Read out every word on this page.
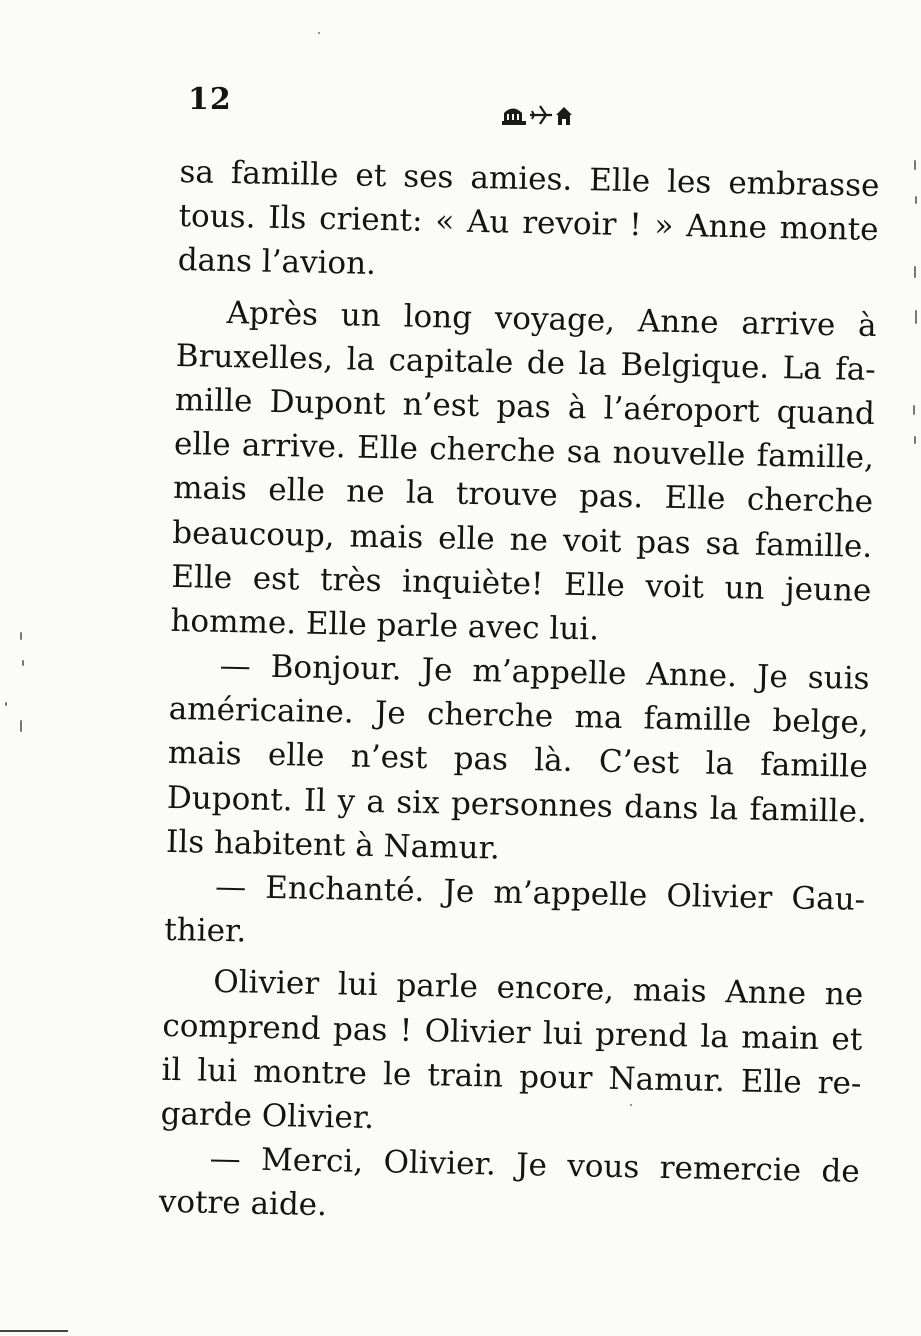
12
sa famille et ses amies. Elle les embrasse
tous. Ils crient: « Au revoir ! » Anne monte
dans l’avion.
Après un long voyage, Anne arrive à
Bruxelles, la capitale de la Belgique. La fa-
mille Dupont n’est pas à l’aéroport quand
elle arrive. Elle cherche sa nouvelle famille,
mais elle ne la trouve pas. Elle cherche
beaucoup, mais elle ne voit pas sa famille.
Elle est très inquiète! Elle voit un jeune
homme. Elle parle avec lui.
— Bonjour. Je m’appelle Anne. Je suis
américaine. Je cherche ma famille belge,
mais elle n’est pas là. C’est la famille
Dupont. Il y a six personnes dans la famille.
Ils habitent à Namur.
— Enchanté. Je m’appelle Olivier Gau-
thier.
Olivier lui parle encore, mais Anne ne
comprend pas ! Olivier lui prend la main et
il lui montre le train pour Namur. Elle re-
garde Olivier.
— Merci, Olivier. Je vous remercie de
votre aide.
